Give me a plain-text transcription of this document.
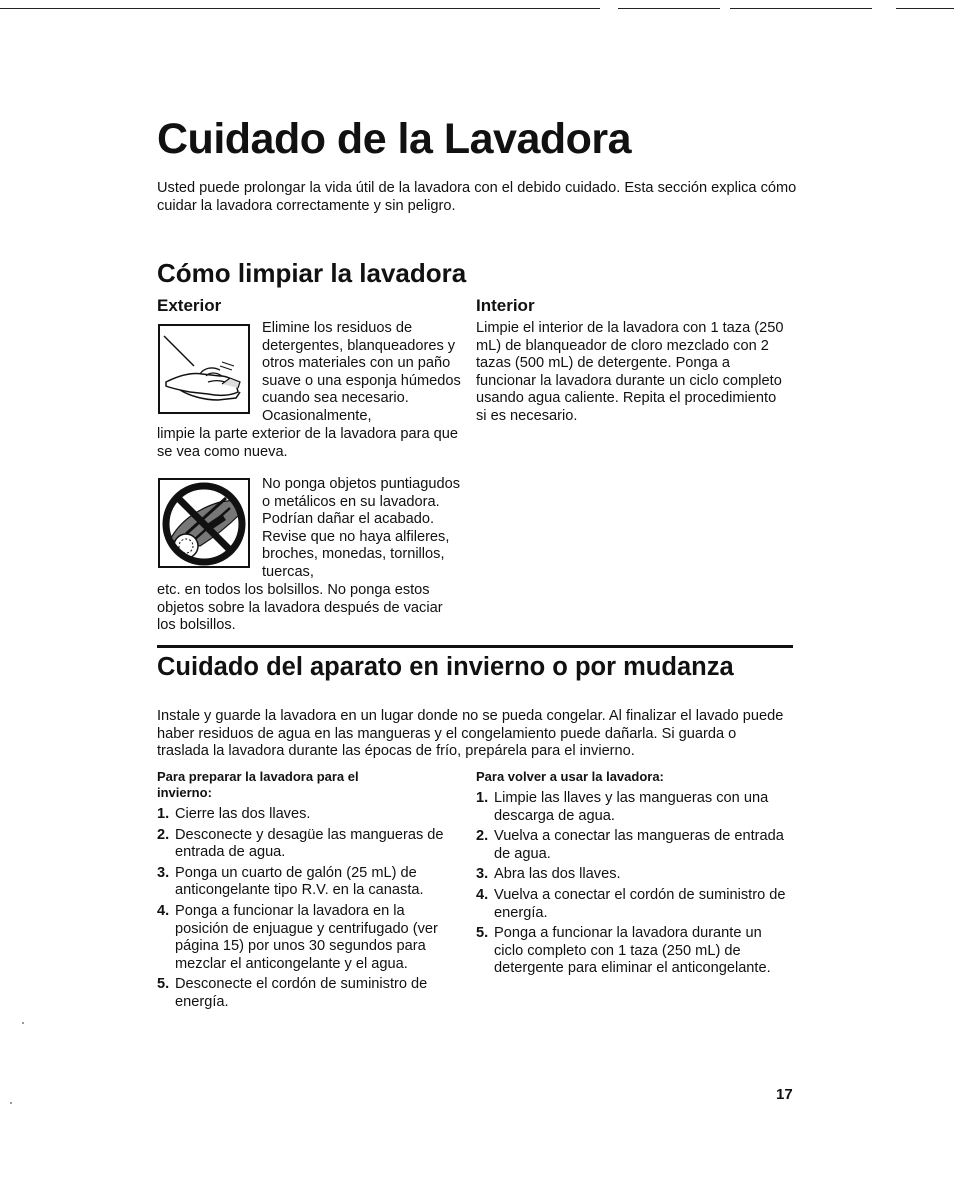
Cuidado de la Lavadora
Usted puede prolongar la vida útil de la lavadora con el debido cuidado. Esta sección explica cómo cuidar la lavadora correctamente y sin peligro.
Cómo limpiar la lavadora
Exterior	Interior
Elimine los residuos de detergentes, blanqueadores y otros materiales con un paño suave o una esponja húmedos cuando sea necesario. Ocasionalmente,
limpie la parte exterior de la lavadora para que se vea como nueva.
No ponga objetos puntiagudos o metálicos en su lavadora. Podrían dañar el acabado. Revise que no haya alfileres, broches, monedas, tornillos, tuercas,
etc. en todos los bolsillos. No ponga estos objetos sobre la lavadora después de vaciar los bolsillos.
Limpie el interior de la lavadora con 1 taza (250 mL) de blanqueador de cloro mezclado con 2 tazas (500 mL) de detergente. Ponga a funcionar la lavadora durante un ciclo completo usando agua caliente. Repita el procedimiento si es necesario.
Cuidado del aparato en invierno o por mudanza
Instale y guarde la lavadora en un lugar donde no se pueda congelar. Al finalizar el lavado puede haber residuos de agua en las mangueras y el congelamiento puede dañarla. Si guarda o traslada la lavadora durante las épocas de frío, prepárela para el invierno.
Para preparar la lavadora para el invierno:
Para volver a usar la lavadora:
1. Cierre las dos llaves.
2. Desconecte y desagüe las mangueras de entrada de agua.
3. Ponga un cuarto de galón (25 mL) de anticongelante tipo R.V. en la canasta.
4. Ponga a funcionar la lavadora en la posición de enjuague y centrifugado (ver página 15) por unos 30 segundos para mezclar el anticongelante y el agua.
5. Desconecte el cordón de suministro de energía.
1. Limpie las llaves y las mangueras con una descarga de agua.
2. Vuelva a conectar las mangueras de entrada de agua.
3. Abra las dos llaves.
4. Vuelva a conectar el cordón de suministro de energía.
5. Ponga a funcionar la lavadora durante un ciclo completo con 1 taza (250 mL) de detergente para eliminar el anticongelante.
17
